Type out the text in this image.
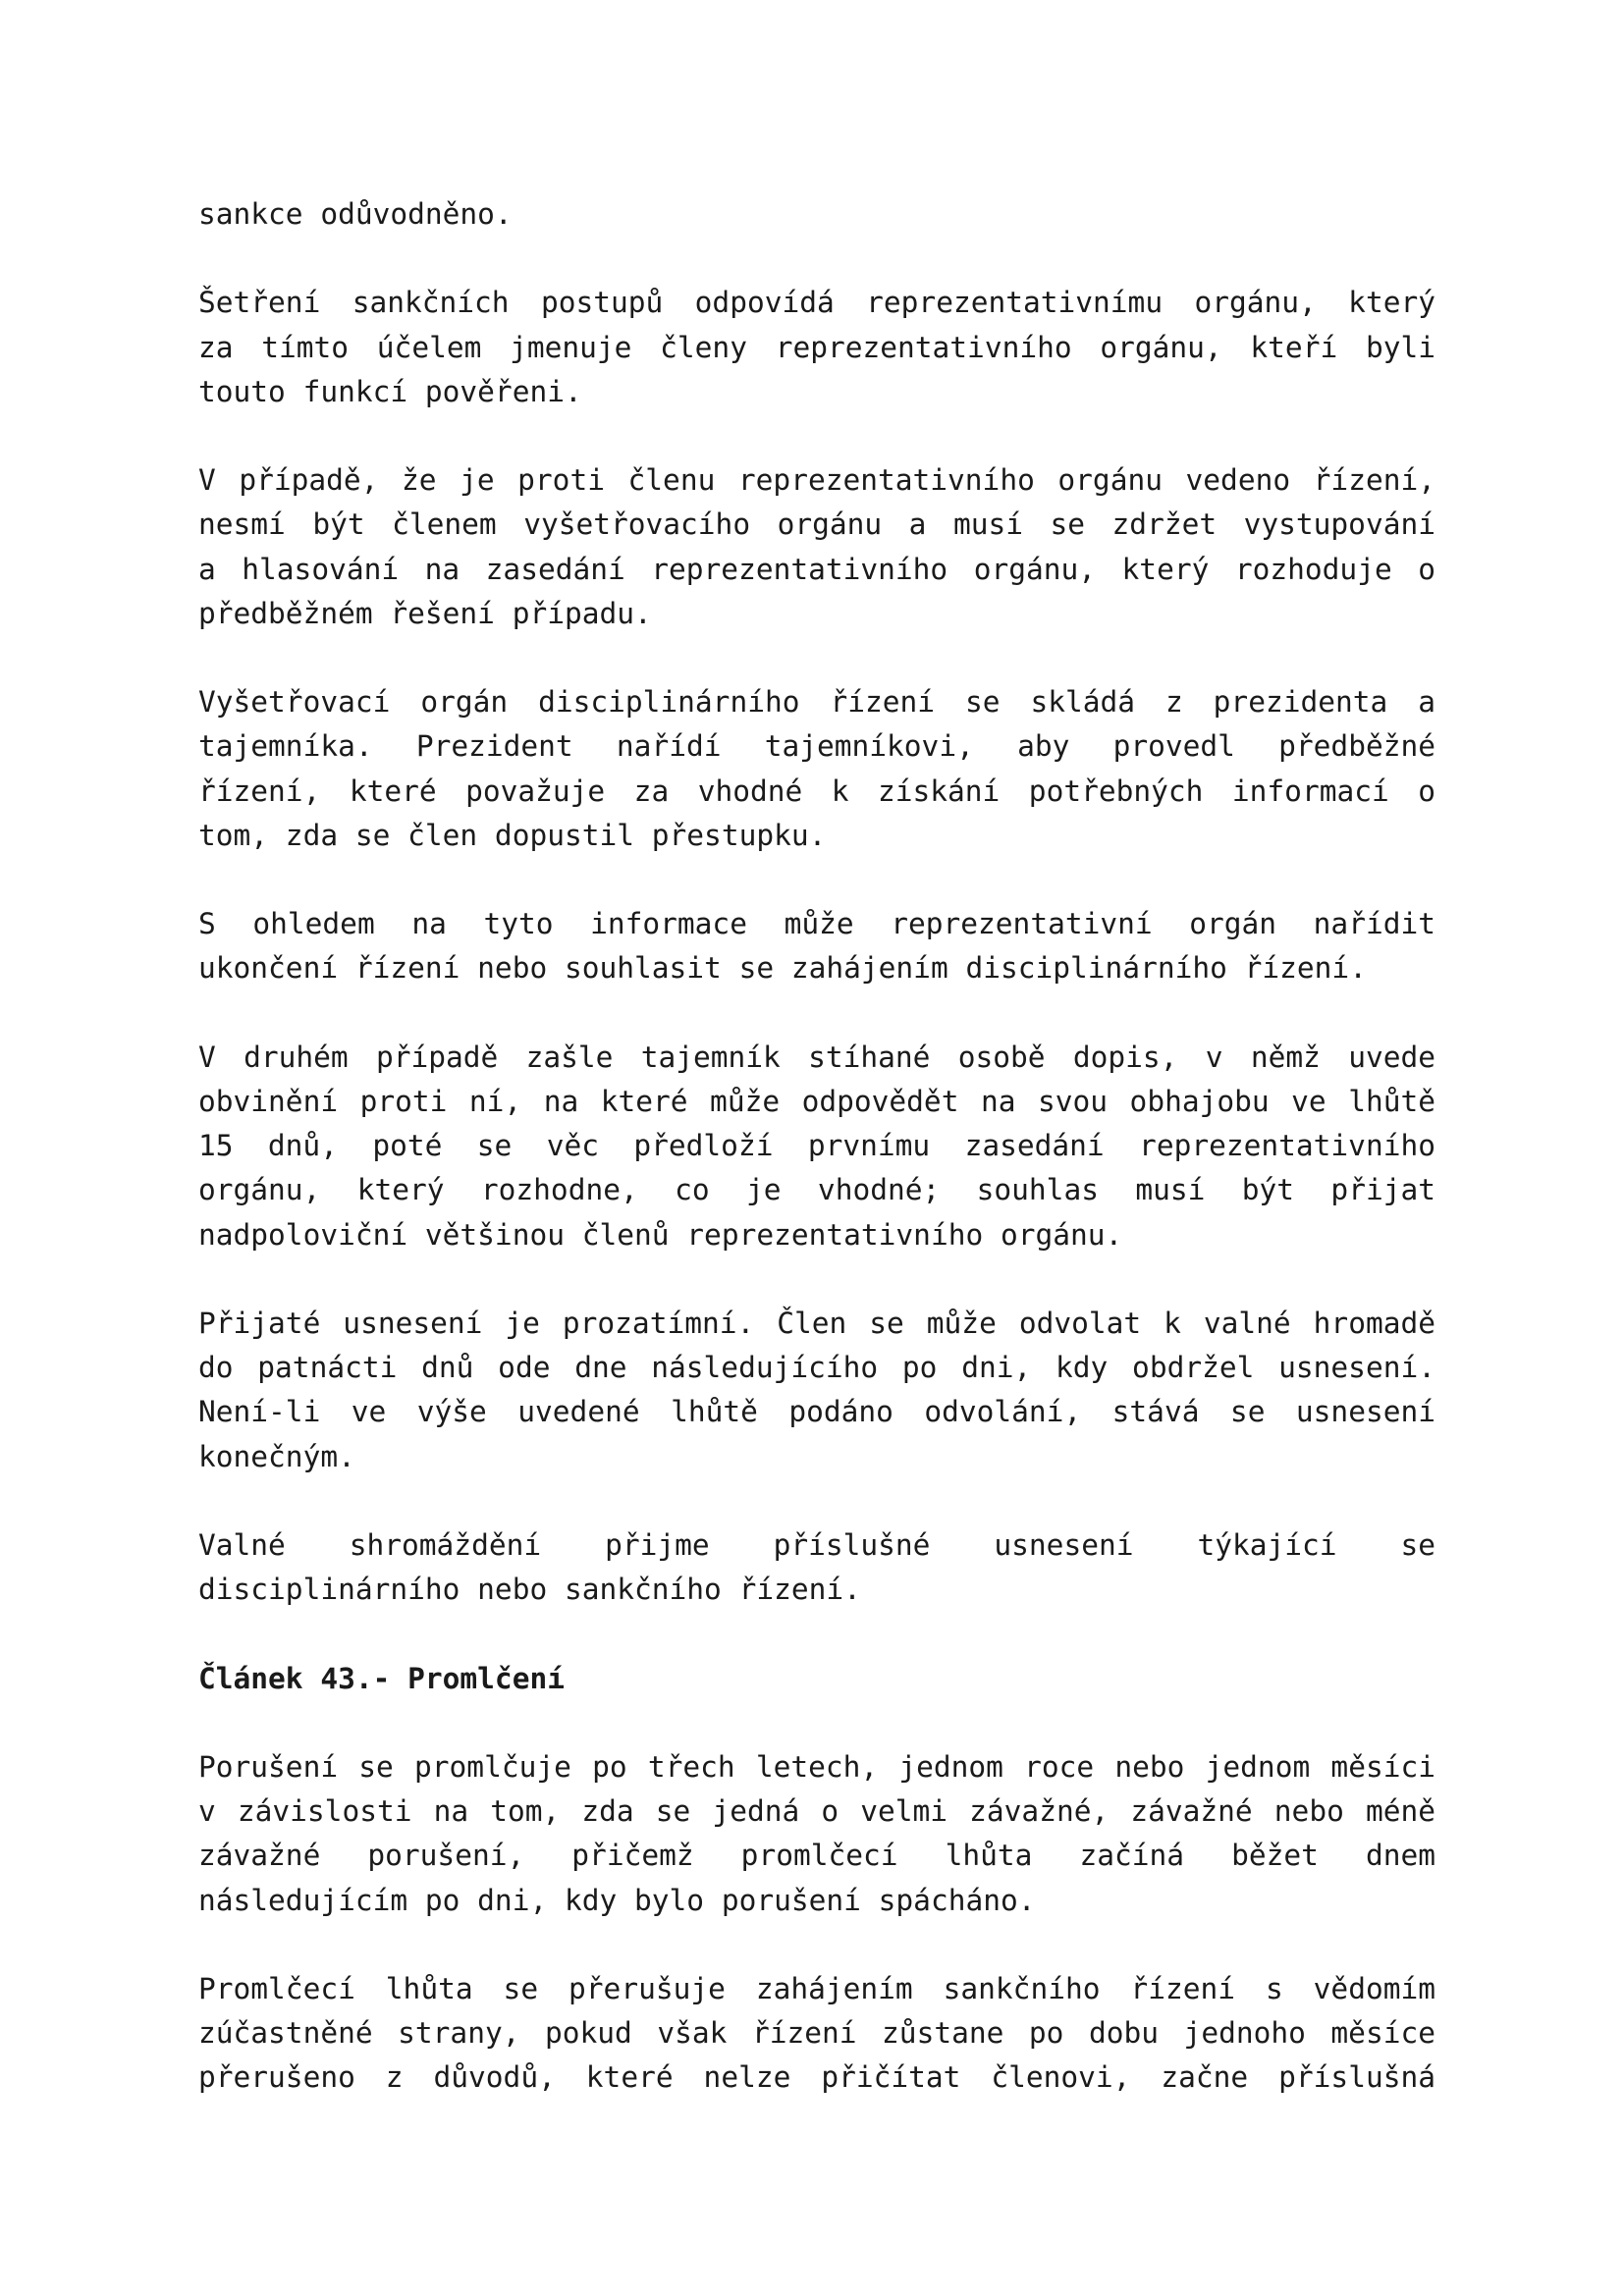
sankce odůvodněno.
Šetření sankčních postupů odpovídá reprezentativnímu orgánu, který
za tímto účelem jmenuje členy reprezentativního orgánu, kteří byli
touto funkcí pověřeni.
V případě, že je proti členu reprezentativního orgánu vedeno řízení,
nesmí být členem vyšetřovacího orgánu a musí se zdržet vystupování
a hlasování na zasedání reprezentativního orgánu, který rozhoduje o
předběžném řešení případu.
Vyšetřovací orgán disciplinárního řízení se skládá z prezidenta a
tajemníka. Prezident nařídí tajemníkovi, aby provedl předběžné
řízení, které považuje za vhodné k získání potřebných informací o
tom, zda se člen dopustil přestupku.
S ohledem na tyto informace může reprezentativní orgán nařídit
ukončení řízení nebo souhlasit se zahájením disciplinárního řízení.
V druhém případě zašle tajemník stíhané osobě dopis, v němž uvede
obvinění proti ní, na které může odpovědět na svou obhajobu ve lhůtě
15 dnů, poté se věc předloží prvnímu zasedání reprezentativního
orgánu, který rozhodne, co je vhodné; souhlas musí být přijat
nadpoloviční většinou členů reprezentativního orgánu.
Přijaté usnesení je prozatímní. Člen se může odvolat k valné hromadě
do patnácti dnů ode dne následujícího po dni, kdy obdržel usnesení.
Není-li ve výše uvedené lhůtě podáno odvolání, stává se usnesení
konečným.
Valné shromáždění přijme příslušné usnesení týkající se
disciplinárního nebo sankčního řízení.
Článek 43.- Promlčení
Porušení se promlčuje po třech letech, jednom roce nebo jednom měsíci
v závislosti na tom, zda se jedná o velmi závažné, závažné nebo méně
závažné porušení, přičemž promlčecí lhůta začíná běžet dnem
následujícím po dni, kdy bylo porušení spácháno.
Promlčecí lhůta se přerušuje zahájením sankčního řízení s vědomím
zúčastněné strany, pokud však řízení zůstane po dobu jednoho měsíce
přerušeno z důvodů, které nelze přičítat členovi, začne příslušná
